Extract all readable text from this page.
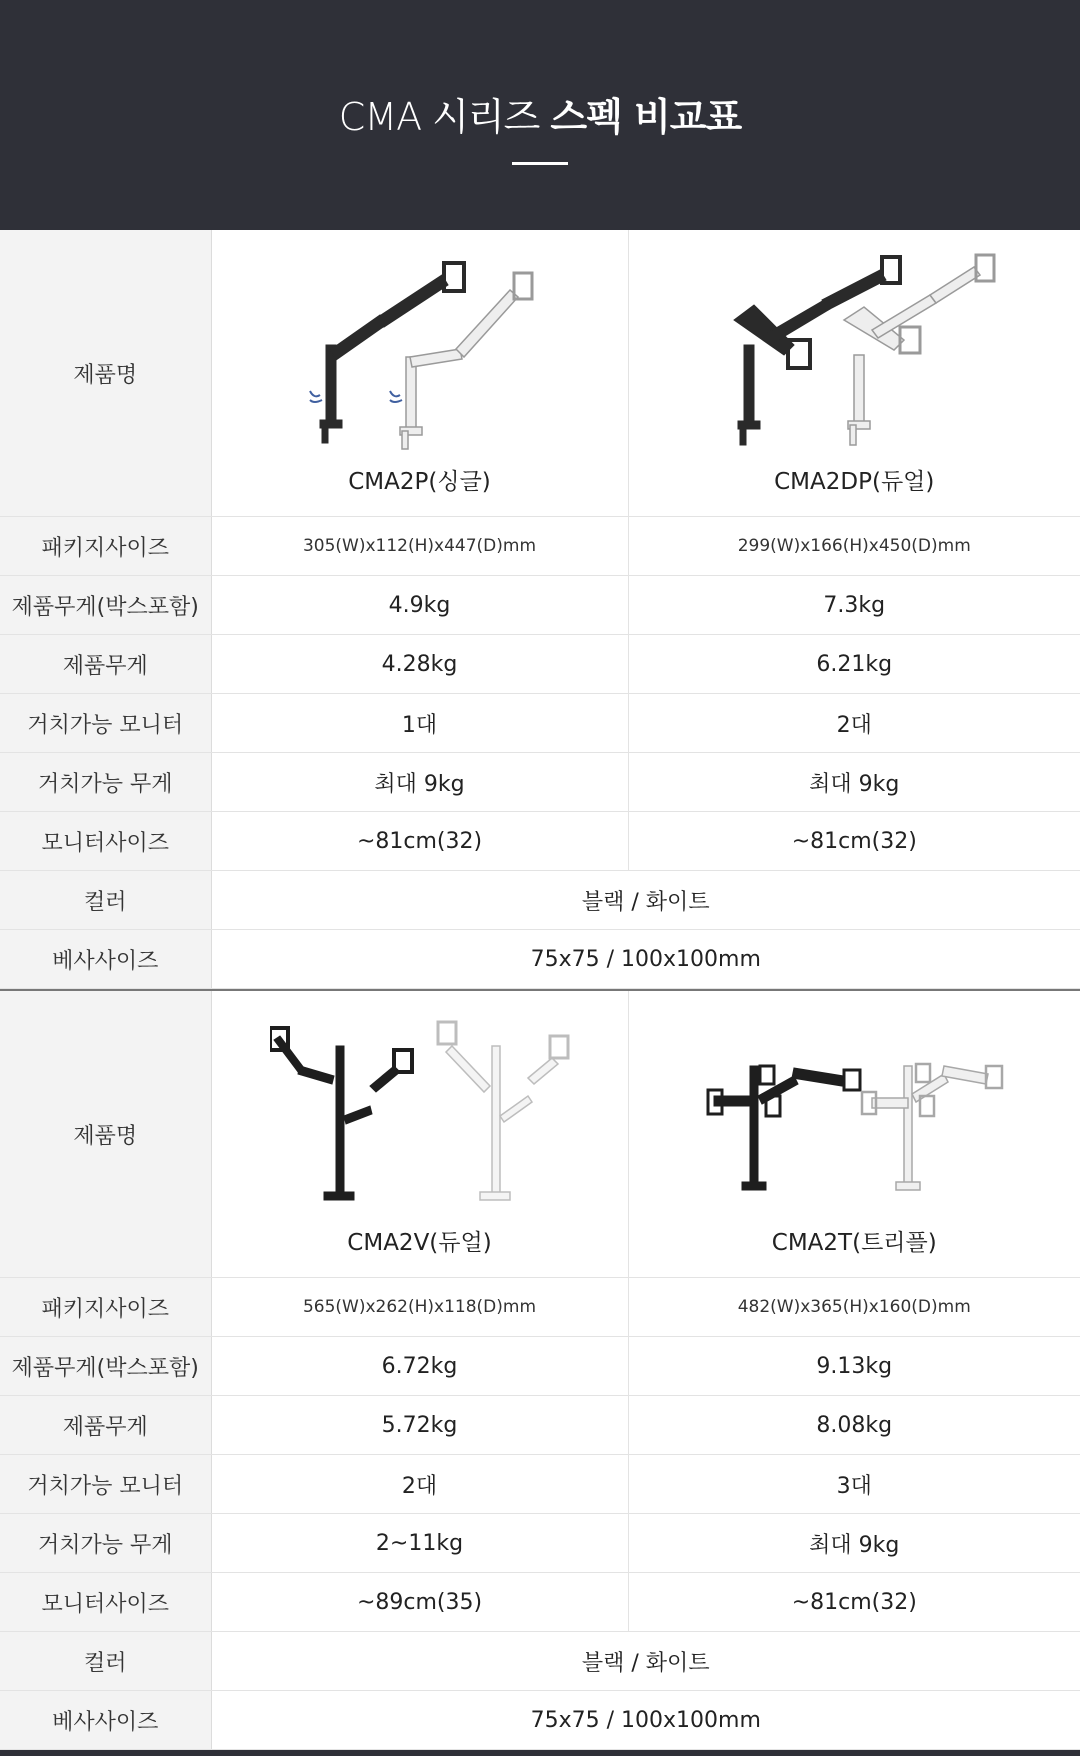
CMA 시리즈 스펙 비교표
제품명	CMA2P(싱글)	CMA2DP(듀얼)

패키지사이즈	305(W)x112(H)x447(D)mm	299(W)x166(H)x450(D)mm
제품무게(박스포함)	4.9kg	7.3kg
제품무게	4.28kg	6.21kg
거치가능 모니터	1대	2대
거치가능 무게	최대 9kg	최대 9kg
모니터사이즈	~81cm(32)	~81cm(32)
컬러	블랙 / 화이트	
베사사이즈	75x75 / 100x100mm	
제품명	CMA2V(듀얼)	CMA2T(트리플)

패키지사이즈	565(W)x262(H)x118(D)mm	482(W)x365(H)x160(D)mm
제품무게(박스포함)	6.72kg	9.13kg
제품무게	5.72kg	8.08kg
거치가능 모니터	2대	3대
거치가능 무게	2~11kg	최대 9kg
모니터사이즈	~89cm(35)	~81cm(32)
컬러	블랙 / 화이트	
베사사이즈	75x75 / 100x100mm	
